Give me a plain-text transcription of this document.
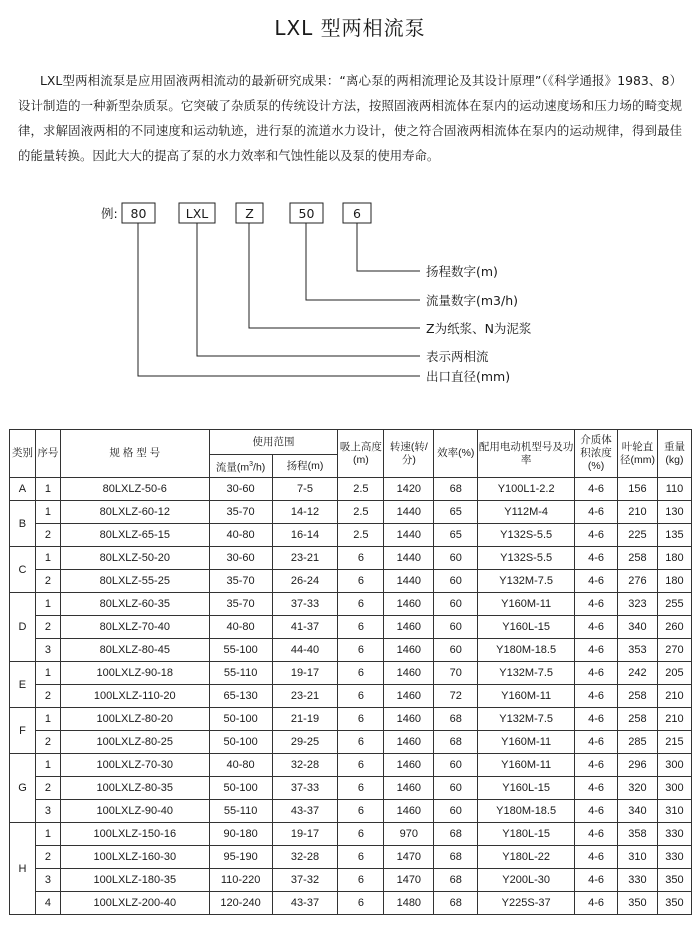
LXL 型两相流泵
LXL型两相流泵是应用固液两相流动的最新研究成果：“离心泵的两相流理论及其设计原理”（《科学通报》1983、8）设计制造的一种新型杂质泵。它突破了杂质泵的传统设计方法，按照固液两相流体在泵内的运动速度场和压力场的畸变规律，求解固液两相的不同速度和运动轨迹，进行泵的流道水力设计，使之符合固液两相流体在泵内的运动规律，得到最佳的能量转换。因此大大的提高了泵的水力效率和气蚀性能以及泵的使用寿命。
例: 80	LXL	Z	50	6
扬程数字(m)
流量数字(m3/h)
Z为纸浆、N为泥浆
表示两相流
出口直径(mm)
类别	序号	规 格 型 号	使用范围		吸上高度(m)	转速(转/分)	效率(%)	配用电动机型号及功率	介质体积浓度(%)	叶轮直径(mm)	重量(kg)
			流量$(m^3/h)$	扬程(m)							
A	1	80LXLZ-50-6	30-60	7-5	2.5	1420	68	Y100L1-2.2	4-6	156	110
B	1	80LXLZ-60-12	35-70	14-12	2.5	1440	65	Y112M-4	4-6	210	130
	2	80LXLZ-65-15	40-80	16-14	2.5	1440	65	Y132S-5.5	4-6	225	135
C	1	80LXLZ-50-20	30-60	23-21	6	1440	60	Y132S-5.5	4-6	258	180
	2	80LXLZ-55-25	35-70	26-24	6	1440	60	Y132M-7.5	4-6	276	180
D	1	80LXLZ-60-35	35-70	37-33	6	1460	60	Y160M-11	4-6	323	255
	2	80LXLZ-70-40	40-80	41-37	6	1460	60	Y160L-15	4-6	340	260
	3	80LXLZ-80-45	55-100	44-40	6	1460	60	Y180M-18.5	4-6	353	270
E	1	100LXLZ-90-18	55-110	19-17	6	1460	70	Y132M-7.5	4-6	242	205
	2	100LXLZ-110-20	65-130	23-21	6	1460	72	Y160M-11	4-6	258	210
F	1	100LXLZ-80-20	50-100	21-19	6	1460	68	Y132M-7.5	4-6	258	210
	2	100LXLZ-80-25	50-100	29-25	6	1460	68	Y160M-11	4-6	285	215
G	1	100LXLZ-70-30	40-80	32-28	6	1460	60	Y160M-11	4-6	296	300
	2	100LXLZ-80-35	50-100	37-33	6	1460	60	Y160L-15	4-6	320	300
	3	100LXLZ-90-40	55-110	43-37	6	1460	60	Y180M-18.5	4-6	340	310
H	1	100LXLZ-150-16	90-180	19-17	6	970	68	Y180L-15	4-6	358	330
	2	100LXLZ-160-30	95-190	32-28	6	1470	68	Y180L-22	4-6	310	330
	3	100LXLZ-180-35	110-220	37-32	6	1470	68	Y200L-30	4-6	330	350
	4	100LXLZ-200-40	120-240	43-37	6	1480	68	Y225S-37	4-6	350	350
